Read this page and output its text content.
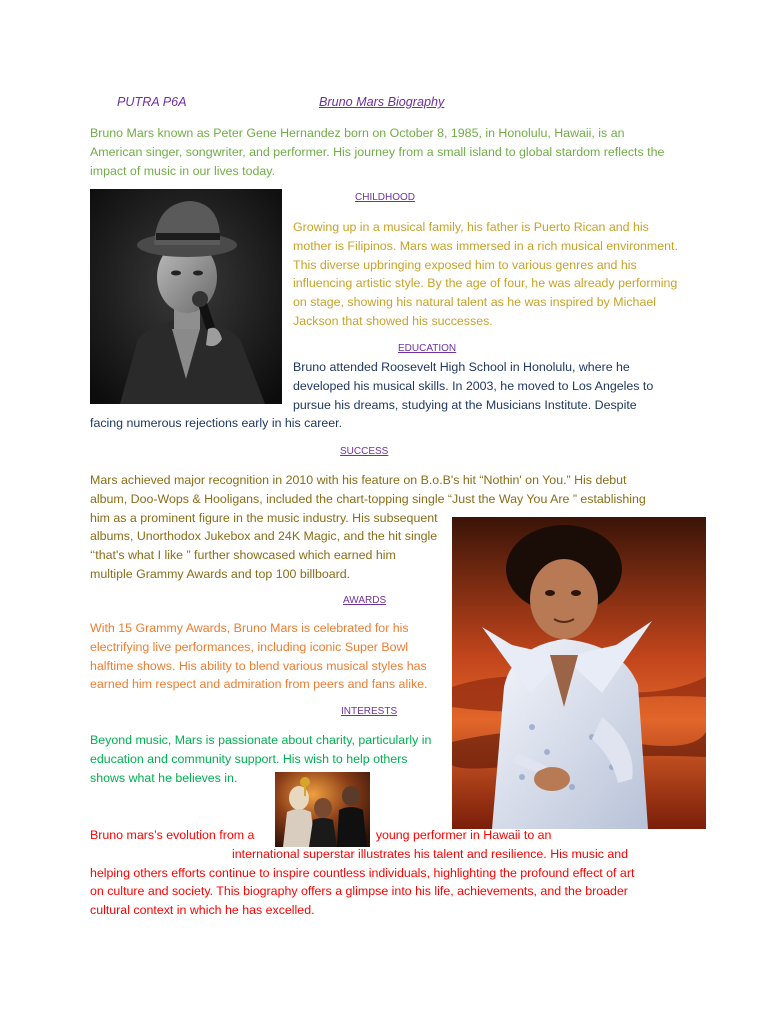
PUTRA P6A	Bruno Mars Biography

Bruno Mars known as Peter Gene Hernandez born on October 8, 1985, in Honolulu, Hawaii, is an American singer, songwriter, and performer. His journey from a small island to global stardom reflects the impact of music in our lives today.

CHILDHOOD

Growing up in a musical family, his father is Puerto Rican and his mother is Filipinos. Mars was immersed in a rich musical environment. This diverse upbringing exposed him to various genres and his influencing artistic style. By the age of four, he was already performing on stage, showing his natural talent as he was inspired by Michael Jackson that showed his successes.

EDUCATION

Bruno attended Roosevelt High School in Honolulu, where he developed his musical skills. In 2003, he moved to Los Angeles to pursue his dreams, studying at the Musicians Institute. Despite facing numerous rejections early in his career.

SUCCESS

Mars achieved major recognition in 2010 with his feature on B.o.B's hit “Nothin' on You.” His debut album, Doo-Wops & Hooligans, included the chart-topping single “Just the Way You Are ” establishing him as a prominent figure in the music industry. His subsequent albums, Unorthodox Jukebox and 24K Magic, and the hit single ‘‘that's what I like ” further showcased which earned him multiple Grammy Awards and top 100 billboard.

AWARDS

With 15 Grammy Awards, Bruno Mars is celebrated for his electrifying live performances, including iconic Super Bowl halftime shows. His ability to blend various musical styles has earned him respect and admiration from peers and fans alike.

INTERESTS

Beyond music, Mars is passionate about charity, particularly in education and community support. His wish to help others shows what he believes in.

Bruno mars’s evolution from a	young performer in Hawaii to an international superstar illustrates his talent and resilience. His music and helping others efforts continue to inspire countless individuals, highlighting the profound effect of art on culture and society. This biography offers a glimpse into his life, achievements, and the broader cultural context in which he has excelled.
